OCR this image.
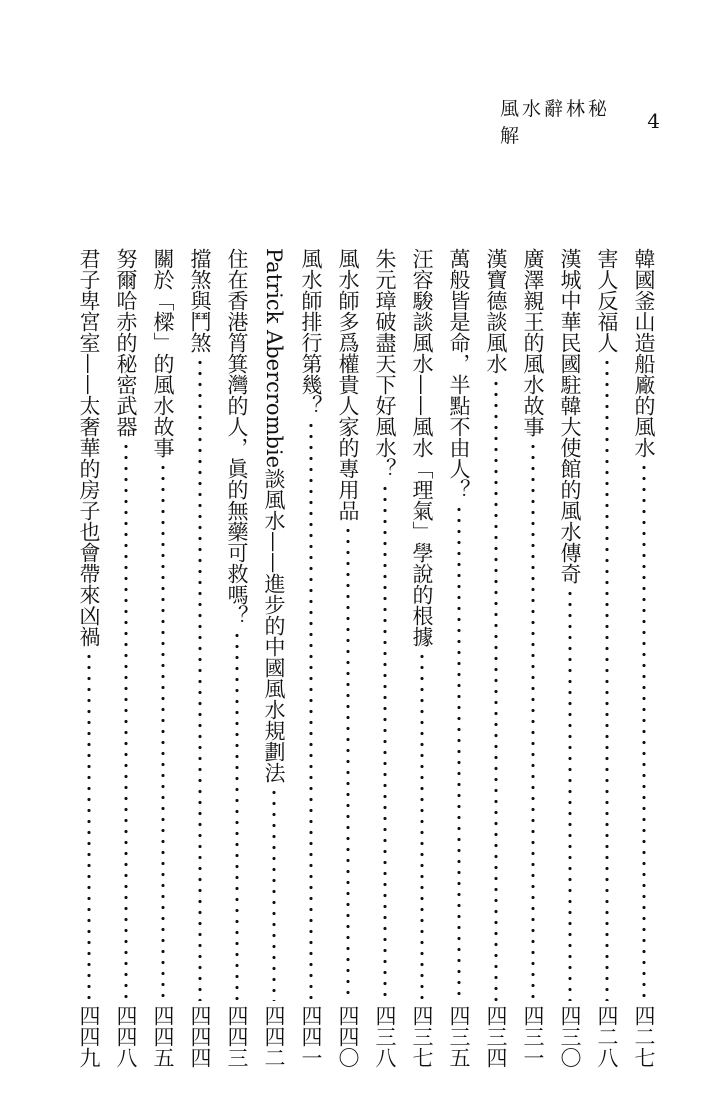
風水辭林秘解
4
韓國釜山造船廠的風水
四二七
害人反福人
四二八
漢城中華民國駐韓大使館的風水傳奇
四三〇
廣澤親王的風水故事
四三一
漢寶德談風水
四三四
萬般皆是命，半點不由人？
四三五
汪容駿談風水——風水「理氣」學說的根據
四三七
朱元璋破盡天下好風水？
四三八
風水師多爲權貴人家的專用品
四四〇
風水師排行第幾？
四四一
Patrick Abercrombie談風水——進步的中國風水規劃法
四四二
住在香港筲箕灣的人，眞的無藥可救嗎？
四四三
擋煞與鬥煞
四四四
關於「樑」的風水故事
四四五
努爾哈赤的秘密武器
四四八
君子卑宮室——太奢華的房子也會帶來凶禍
四四九
